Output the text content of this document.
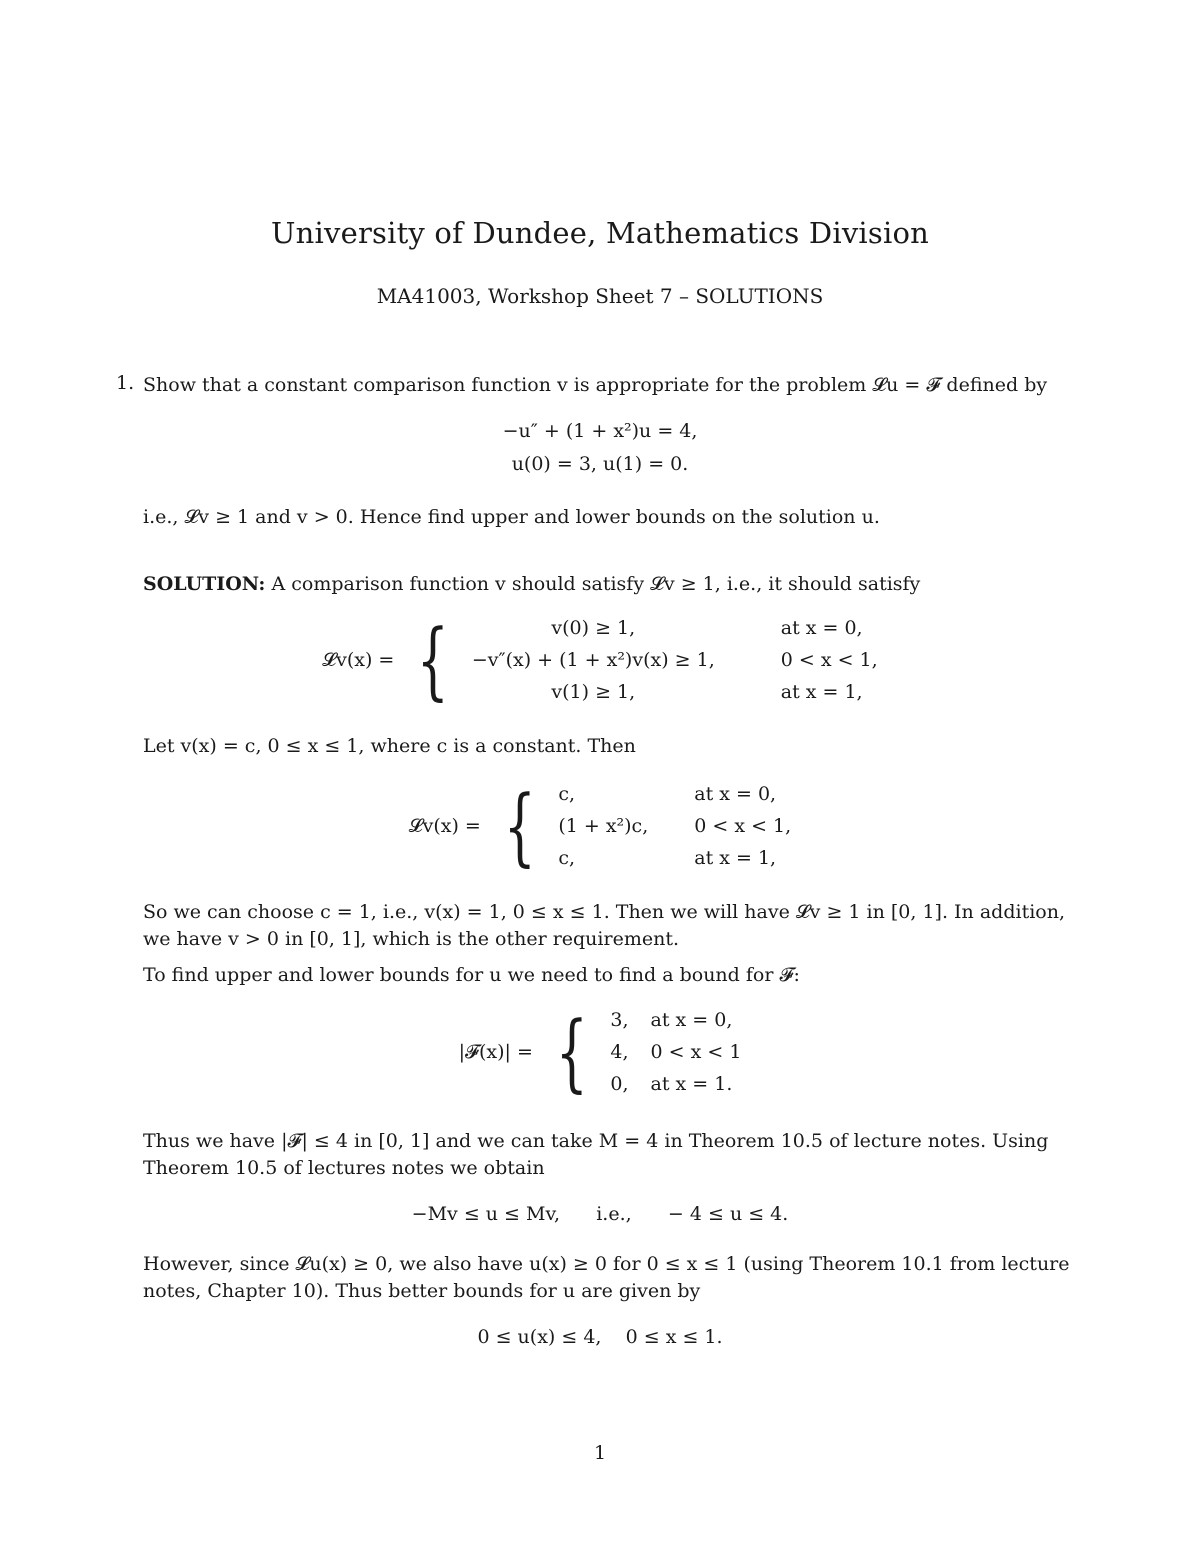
University of Dundee, Mathematics Division
MA41003, Workshop Sheet 7 – SOLUTIONS
1. Show that a constant comparison function v is appropriate for the problem 𝓛u = 𝓕 defined by
−u″ + (1 + x²)u = 4,
u(0) = 3, u(1) = 0.
i.e., 𝓛v ≥ 1 and v > 0. Hence find upper and lower bounds on the solution u.
SOLUTION: A comparison function v should satisfy 𝓛v ≥ 1, i.e., it should satisfy
𝓛v(x) =	{	v(0) ≥ 1,	at x = 0,
		−v″(x) + (1 + x²)v(x) ≥ 1,	0 < x < 1,
		v(1) ≥ 1,	at x = 1,
Let v(x) = c, 0 ≤ x ≤ 1, where c is a constant. Then
𝓛v(x) =	{	c,	at x = 0,
		(1 + x²)c,	0 < x < 1,
		c,	at x = 1,
So we can choose c = 1, i.e., v(x) = 1, 0 ≤ x ≤ 1. Then we will have 𝓛v ≥ 1 in [0, 1]. In addition, we have v > 0 in [0, 1], which is the other requirement.
To find upper and lower bounds for u we need to find a bound for 𝓕:
|𝓕(x)| =	{	3,	at x = 0,
		4,	0 < x < 1
		0,	at x = 1.
Thus we have |𝓕| ≤ 4 in [0, 1] and we can take M = 4 in Theorem 10.5 of lecture notes. Using Theorem 10.5 of lectures notes we obtain
−Mv ≤ u ≤ Mv,      i.e.,      − 4 ≤ u ≤ 4.
However, since 𝓛u(x) ≥ 0, we also have u(x) ≥ 0 for 0 ≤ x ≤ 1 (using Theorem 10.1 from lecture notes, Chapter 10). Thus better bounds for u are given by
0 ≤ u(x) ≤ 4,    0 ≤ x ≤ 1.
1
